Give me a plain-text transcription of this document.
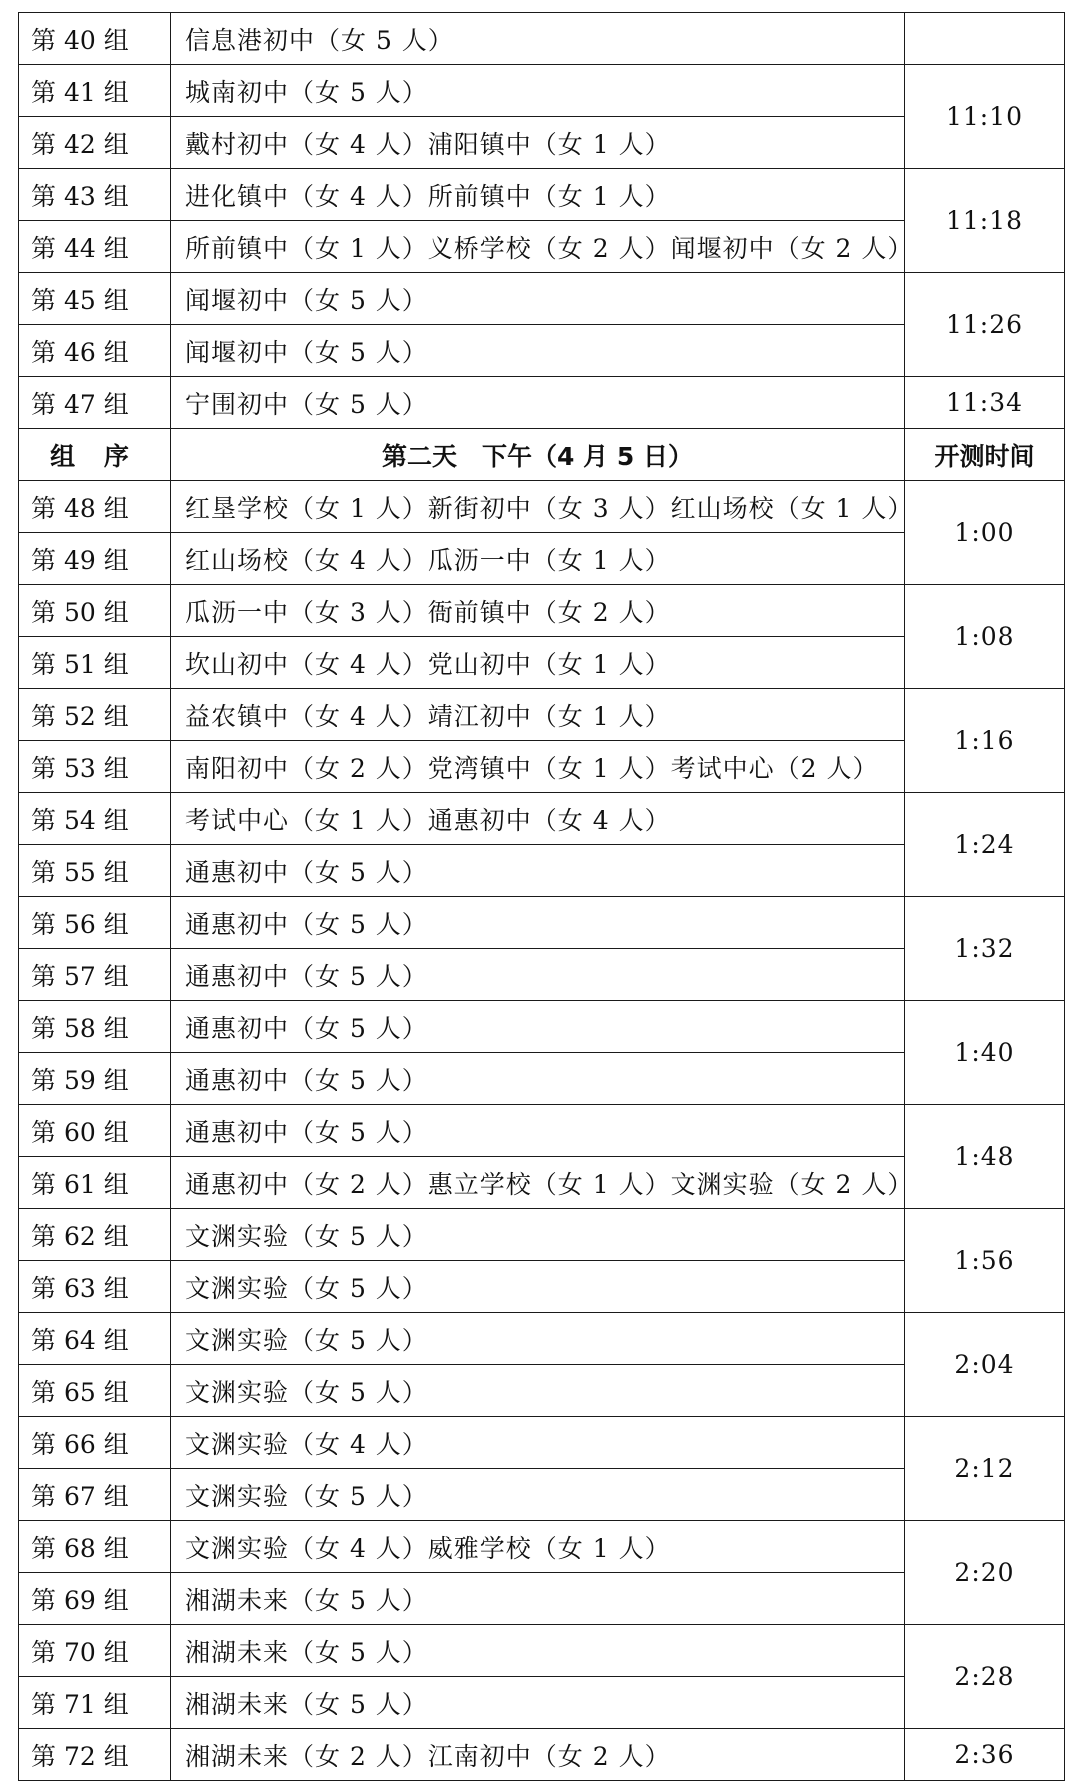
第 40 组	信息港初中（女 5 人）	
第 41 组	城南初中（女 5 人）	11:10
第 42 组	戴村初中（女 4 人）浦阳镇中（女 1 人）	
第 43 组	进化镇中（女 4 人）所前镇中（女 1 人）	11:18
第 44 组	所前镇中（女 1 人）义桥学校（女 2 人）闻堰初中（女 2 人）	
第 45 组	闻堰初中（女 5 人）	11:26
第 46 组	闻堰初中（女 5 人）	
第 47 组	宁围初中（女 5 人）	11:34
组 序	第二天　下午（4 月 5 日）	开测时间
第 48 组	红垦学校（女 1 人）新街初中（女 3 人）红山场校（女 1 人）	1:00
第 49 组	红山场校（女 4 人）瓜沥一中（女 1 人）	
第 50 组	瓜沥一中（女 3 人）衙前镇中（女 2 人）	1:08
第 51 组	坎山初中（女 4 人）党山初中（女 1 人）	
第 52 组	益农镇中（女 4 人）靖江初中（女 1 人）	1:16
第 53 组	南阳初中（女 2 人）党湾镇中（女 1 人）考试中心（2 人）	
第 54 组	考试中心（女 1 人）通惠初中（女 4 人）	1:24
第 55 组	通惠初中（女 5 人）	
第 56 组	通惠初中（女 5 人）	1:32
第 57 组	通惠初中（女 5 人）	
第 58 组	通惠初中（女 5 人）	1:40
第 59 组	通惠初中（女 5 人）	
第 60 组	通惠初中（女 5 人）	1:48
第 61 组	通惠初中（女 2 人）惠立学校（女 1 人）文渊实验（女 2 人）	
第 62 组	文渊实验（女 5 人）	1:56
第 63 组	文渊实验（女 5 人）	
第 64 组	文渊实验（女 5 人）	2:04
第 65 组	文渊实验（女 5 人）	
第 66 组	文渊实验（女 4 人）	2:12
第 67 组	文渊实验（女 5 人）	
第 68 组	文渊实验（女 4 人）威雅学校（女 1 人）	2:20
第 69 组	湘湖未来（女 5 人）	
第 70 组	湘湖未来（女 5 人）	2:28
第 71 组	湘湖未来（女 5 人）	
第 72 组	湘湖未来（女 2 人）江南初中（女 2 人）	2:36
